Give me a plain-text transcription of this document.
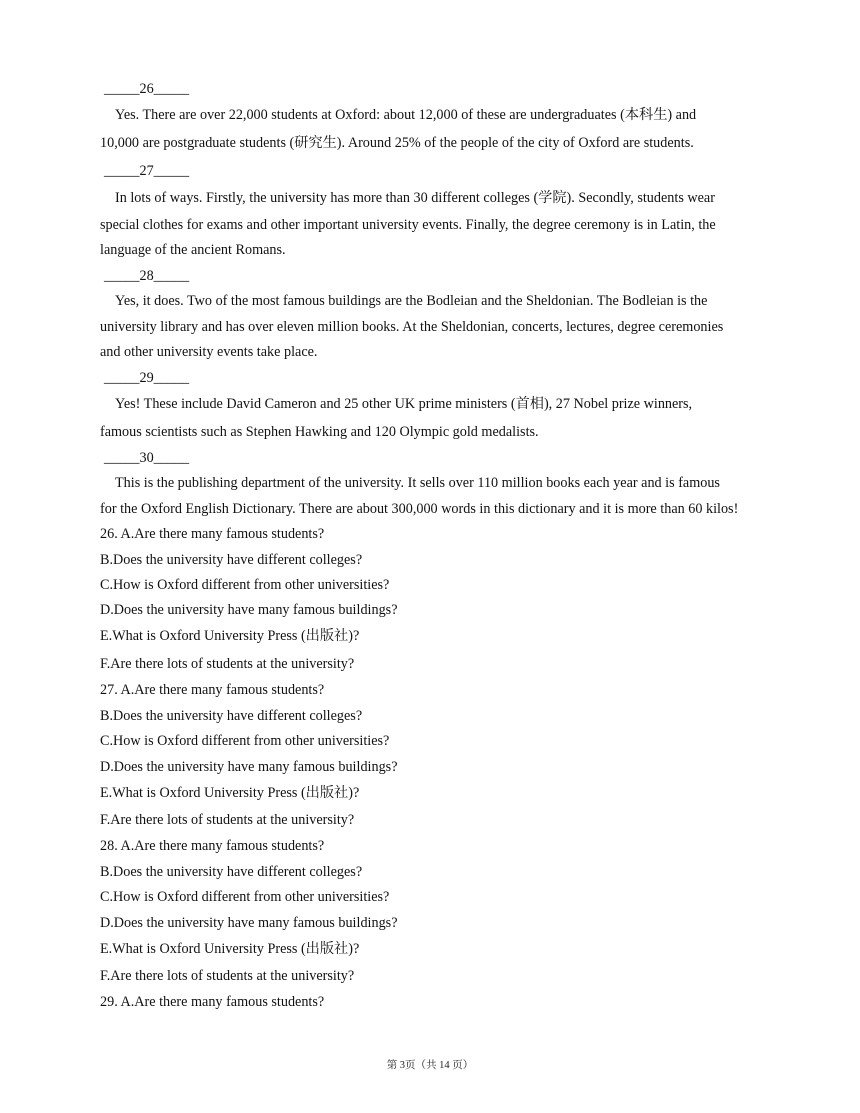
_____26_____
Yes. There are over 22,000 students at Oxford: about 12,000 of these are undergraduates (本科生) and
10,000 are postgraduate students (研究生). Around 25% of the people of the city of Oxford are students.
_____27_____
In lots of ways. Firstly, the university has more than 30 different colleges (学院). Secondly, students wear
special clothes for exams and other important university events. Finally, the degree ceremony is in Latin, the
language of the ancient Romans.
_____28_____
Yes, it does. Two of the most famous buildings are the Bodleian and the Sheldonian. The Bodleian is the
university library and has over eleven million books. At the Sheldonian, concerts, lectures, degree ceremonies
and other university events take place.
_____29_____
Yes! These include David Cameron and 25 other UK prime ministers (首相), 27 Nobel prize winners,
famous scientists such as Stephen Hawking and 120 Olympic gold medalists.
_____30_____
This is the publishing department of the university. It sells over 110 million books each year and is famous
for the Oxford English Dictionary. There are about 300,000 words in this dictionary and it is more than 60 kilos!
26. A.Are there many famous students?
B.Does the university have different colleges?
C.How is Oxford different from other universities?
D.Does the university have many famous buildings?
E.What is Oxford University Press (出版社)?
F.Are there lots of students at the university?
27. A.Are there many famous students?
B.Does the university have different colleges?
C.How is Oxford different from other universities?
D.Does the university have many famous buildings?
E.What is Oxford University Press (出版社)?
F.Are there lots of students at the university?
28. A.Are there many famous students?
B.Does the university have different colleges?
C.How is Oxford different from other universities?
D.Does the university have many famous buildings?
E.What is Oxford University Press (出版社)?
F.Are there lots of students at the university?
29. A.Are there many famous students?
第 3页（共 14 页）
